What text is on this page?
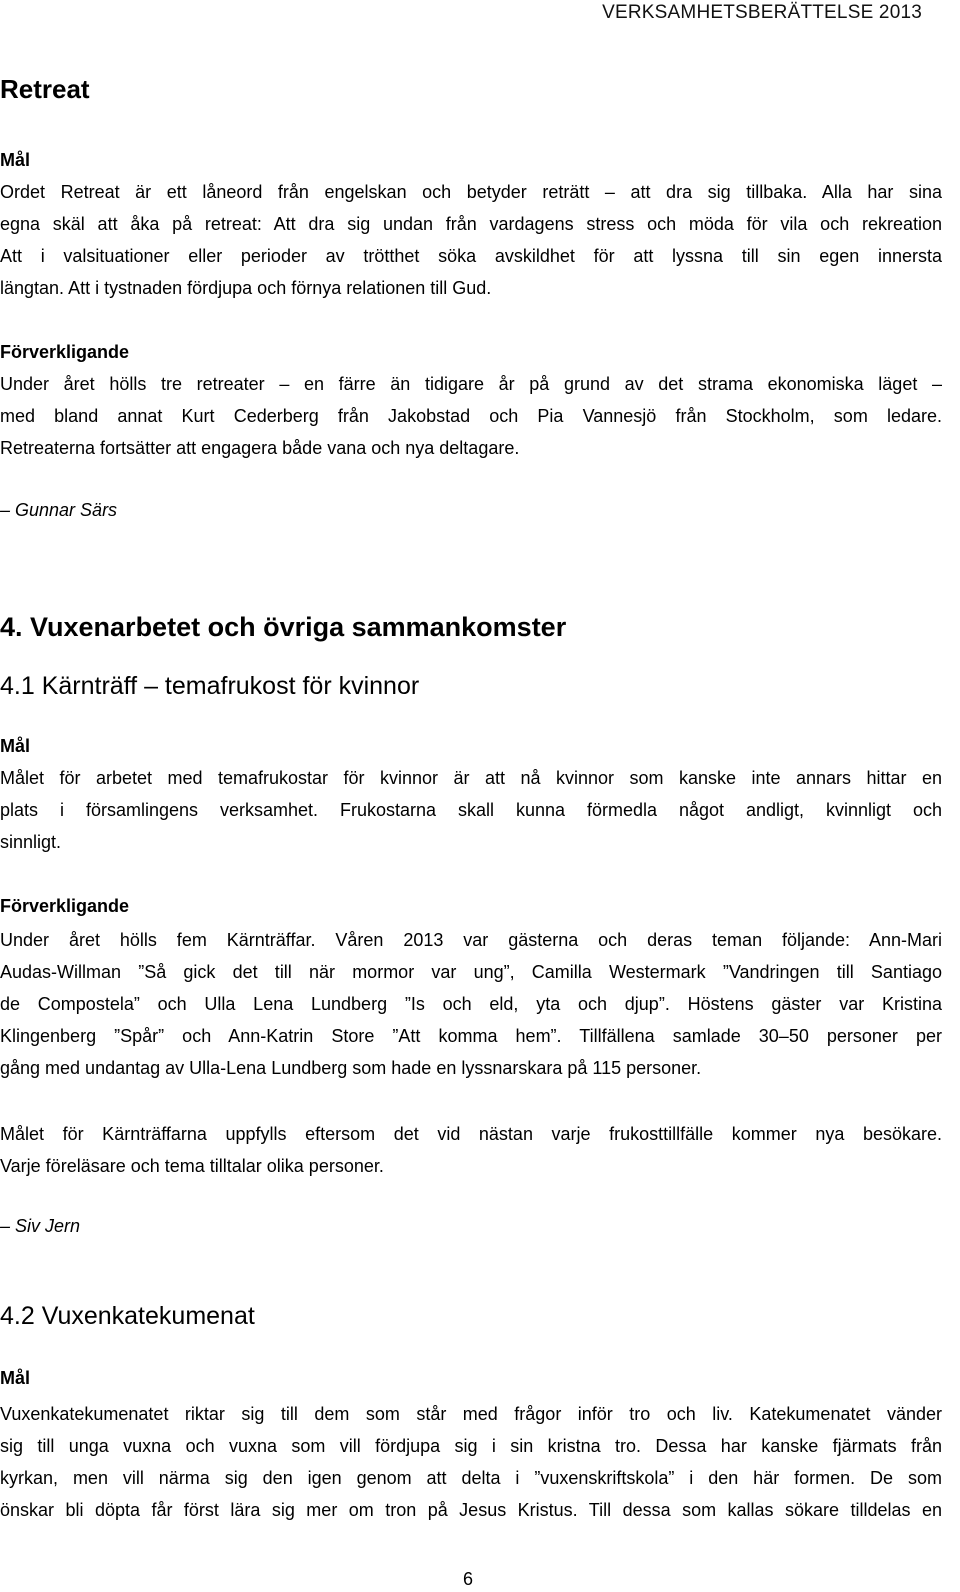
VERKSAMHETSBERÄTTELSE 2013
Retreat
Mål
Ordet Retreat är ett låneord från engelskan och betyder reträtt – att dra sig tillbaka. Alla har sina
egna skäl att åka på retreat: Att dra sig undan från vardagens stress och möda för vila och rekreation
Att i valsituationer eller perioder av trötthet söka avskildhet för att lyssna till sin egen innersta
längtan. Att i tystnaden fördjupa och förnya relationen till Gud.
Förverkligande
Under året hölls tre retreater – en färre än tidigare år på grund av det strama ekonomiska läget –
med bland annat Kurt Cederberg från Jakobstad och Pia Vannesjö från Stockholm, som ledare.
Retreaterna fortsätter att engagera både vana och nya deltagare.
– Gunnar Särs
4. Vuxenarbetet och övriga sammankomster
4.1 Kärnträff – temafrukost för kvinnor
Mål
Målet för arbetet med temafrukostar för kvinnor är att nå kvinnor som kanske inte annars hittar en
plats i församlingens verksamhet. Frukostarna skall kunna förmedla något andligt, kvinnligt och
sinnligt.
Förverkligande
Under året hölls fem Kärnträffar. Våren 2013 var gästerna och deras teman följande: Ann-Mari
Audas-Willman ”Så gick det till när mormor var ung”, Camilla Westermark ”Vandringen till Santiago
de Compostela” och Ulla Lena Lundberg ”Is och eld, yta och djup”. Höstens gäster var Kristina
Klingenberg ”Spår” och Ann-Katrin Store ”Att komma hem”. Tillfällena samlade 30–50 personer per
gång med undantag av Ulla-Lena Lundberg som hade en lyssnarskara på 115 personer.
Målet för Kärnträffarna uppfylls eftersom det vid nästan varje frukosttillfälle kommer nya besökare.
Varje föreläsare och tema tilltalar olika personer.
– Siv Jern
4.2 Vuxenkatekumenat
Mål
Vuxenkatekumenatet riktar sig till dem som står med frågor inför tro och liv. Katekumenatet vänder
sig till unga vuxna och vuxna som vill fördjupa sig i sin kristna tro. Dessa har kanske fjärmats från
kyrkan, men vill närma sig den igen genom att delta i ”vuxenskriftskola” i den här formen. De som
önskar bli döpta får först lära sig mer om tron på Jesus Kristus. Till dessa som kallas sökare tilldelas en
6
